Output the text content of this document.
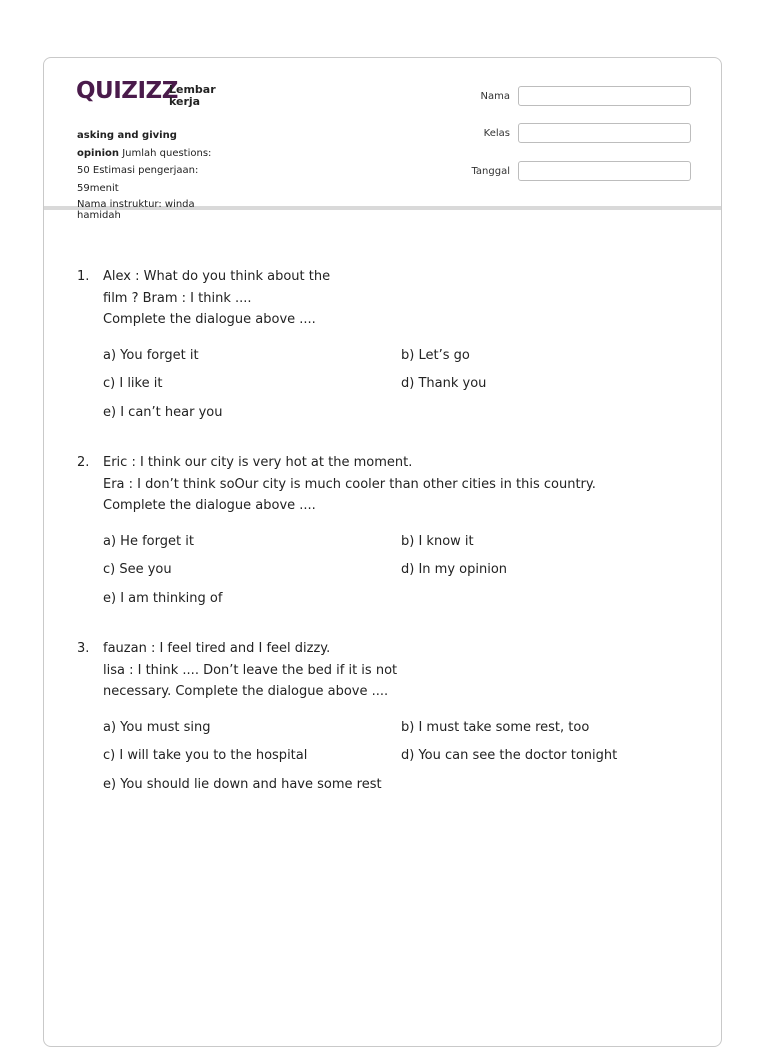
QUIZIZZ
Lembar kerja
asking and giving opinion Jumlah questions: 50 Estimasi pengerjaan: 59menit
Nama instruktur: winda hamidah
Nama
Kelas
Tanggal
1. Alex : What do you think about the
film ? Bram : I think ....
Complete the dialogue above ....
a) You forget it	b) Let’s go
c) I like it	d) Thank you
e) I can’t hear you
2. Eric : I think our city is very hot at the moment.
Era : I don’t think soOur city is much cooler than other cities in this country.
Complete the dialogue above ....
a) He forget it	b) I know it
c) See you	d) In my opinion
e) I am thinking of
3. fauzan : I feel tired and I feel dizzy.
lisa : I think .... Don’t leave the bed if it is not
necessary. Complete the dialogue above ....
a) You must sing	b) I must take some rest, too
c) I will take you to the hospital	d) You can see the doctor tonight
e) You should lie down and have some rest
